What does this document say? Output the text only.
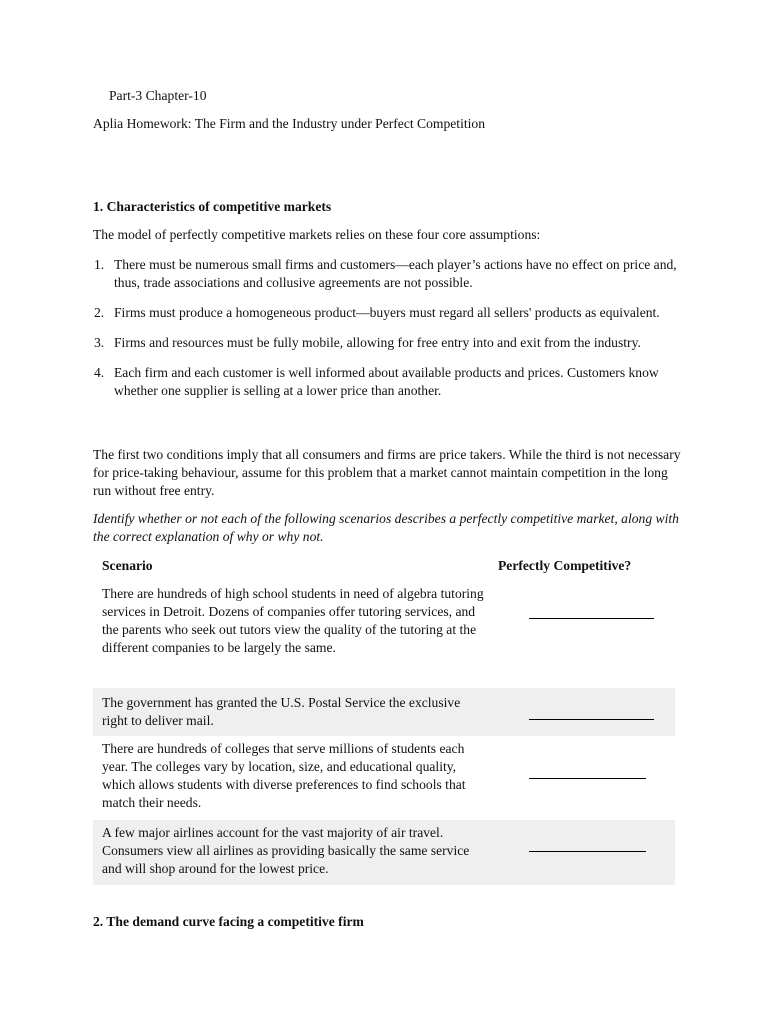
Part-3 Chapter-10
Aplia Homework: The Firm and the Industry under Perfect Competition
1. Characteristics of competitive markets
The model of perfectly competitive markets relies on these four core assumptions:
1. There must be numerous small firms and customers—each player’s actions have no effect on price and, thus, trade associations and collusive agreements are not possible.
2. Firms must produce a homogeneous product—buyers must regard all sellers' products as equivalent.
3. Firms and resources must be fully mobile, allowing for free entry into and exit from the industry.
4. Each firm and each customer is well informed about available products and prices. Customers know whether one supplier is selling at a lower price than another.
The first two conditions imply that all consumers and firms are price takers. While the third is not necessary for price-taking behaviour, assume for this problem that a market cannot maintain competition in the long run without free entry.
Identify whether or not each of the following scenarios describes a perfectly competitive market, along with the correct explanation of why or why not.
Scenario	Perfectly Competitive?
There are hundreds of high school students in need of algebra tutoring services in Detroit. Dozens of companies offer tutoring services, and the parents who seek out tutors view the quality of the tutoring at the different companies to be largely the same.
The government has granted the U.S. Postal Service the exclusive right to deliver mail.
There are hundreds of colleges that serve millions of students each year. The colleges vary by location, size, and educational quality, which allows students with diverse preferences to find schools that match their needs.
A few major airlines account for the vast majority of air travel. Consumers view all airlines as providing basically the same service and will shop around for the lowest price.
2. The demand curve facing a competitive firm
